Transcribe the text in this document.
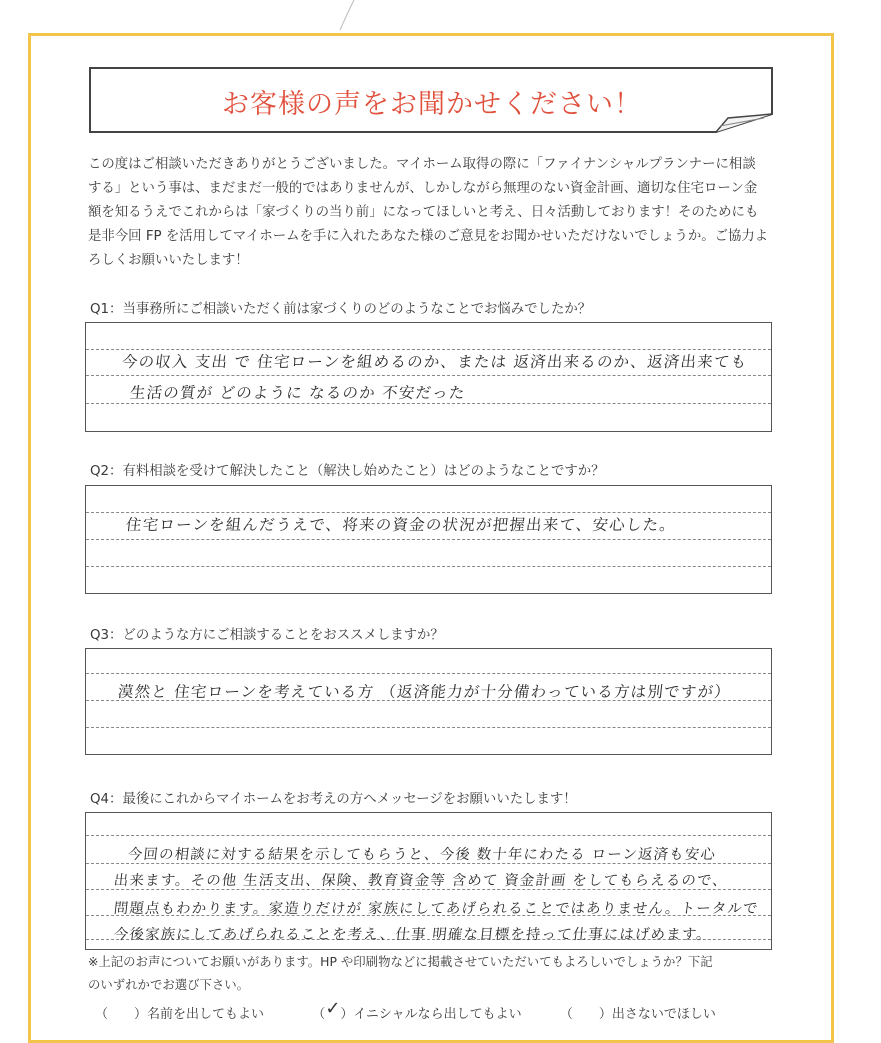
お客様の声をお聞かせください！
この度はご相談いただきありがとうございました。マイホーム取得の際に「ファイナンシャルプランナーに相談
する」という事は、まだまだ一般的ではありませんが、しかしながら無理のない資金計画、適切な住宅ローン金
額を知るうえでこれからは「家づくりの当り前」になってほしいと考え、日々活動しております！そのためにも
是非今回 FP を活用してマイホームを手に入れたあなた様のご意見をお聞かせいただけないでしょうか。ご協力よ
ろしくお願いいたします！
Q1：当事務所にご相談いただく前は家づくりのどのようなことでお悩みでしたか？
今の収入 支出 で 住宅ローンを組めるのか、または 返済出来るのか、返済出来ても
生活の質が どのように なるのか 不安だった
Q2：有料相談を受けて解決したこと（解決し始めたこと）はどのようなことですか？
住宅ローンを組んだうえで、将来の資金の状況が把握出来て、安心した。
Q3：どのような方にご相談することをおススメしますか？
漠然と 住宅ローンを考えている方 （返済能力が十分備わっている方は別ですが）
Q4：最後にこれからマイホームをお考えの方へメッセージをお願いいたします！
今回の相談に対する結果を示してもらうと、今後 数十年にわたる ローン返済も安心
出来ます。その他 生活支出、保険、教育資金等 含めて 資金計画 をしてもらえるので、
問題点もわかります。家造りだけが 家族にしてあげられることではありません。トータルで
今後家族にしてあげられることを考え、仕事 明確な目標を持って仕事にはげめます。
※上記のお声についてお願いがあります。HP や印刷物などに掲載させていただいてもよろしいでしょうか？下記
のいずれかでお選び下さい。
（　　）名前を出してもよい	（✓）イニシャルなら出してもよい	（　　）出さないでほしい
